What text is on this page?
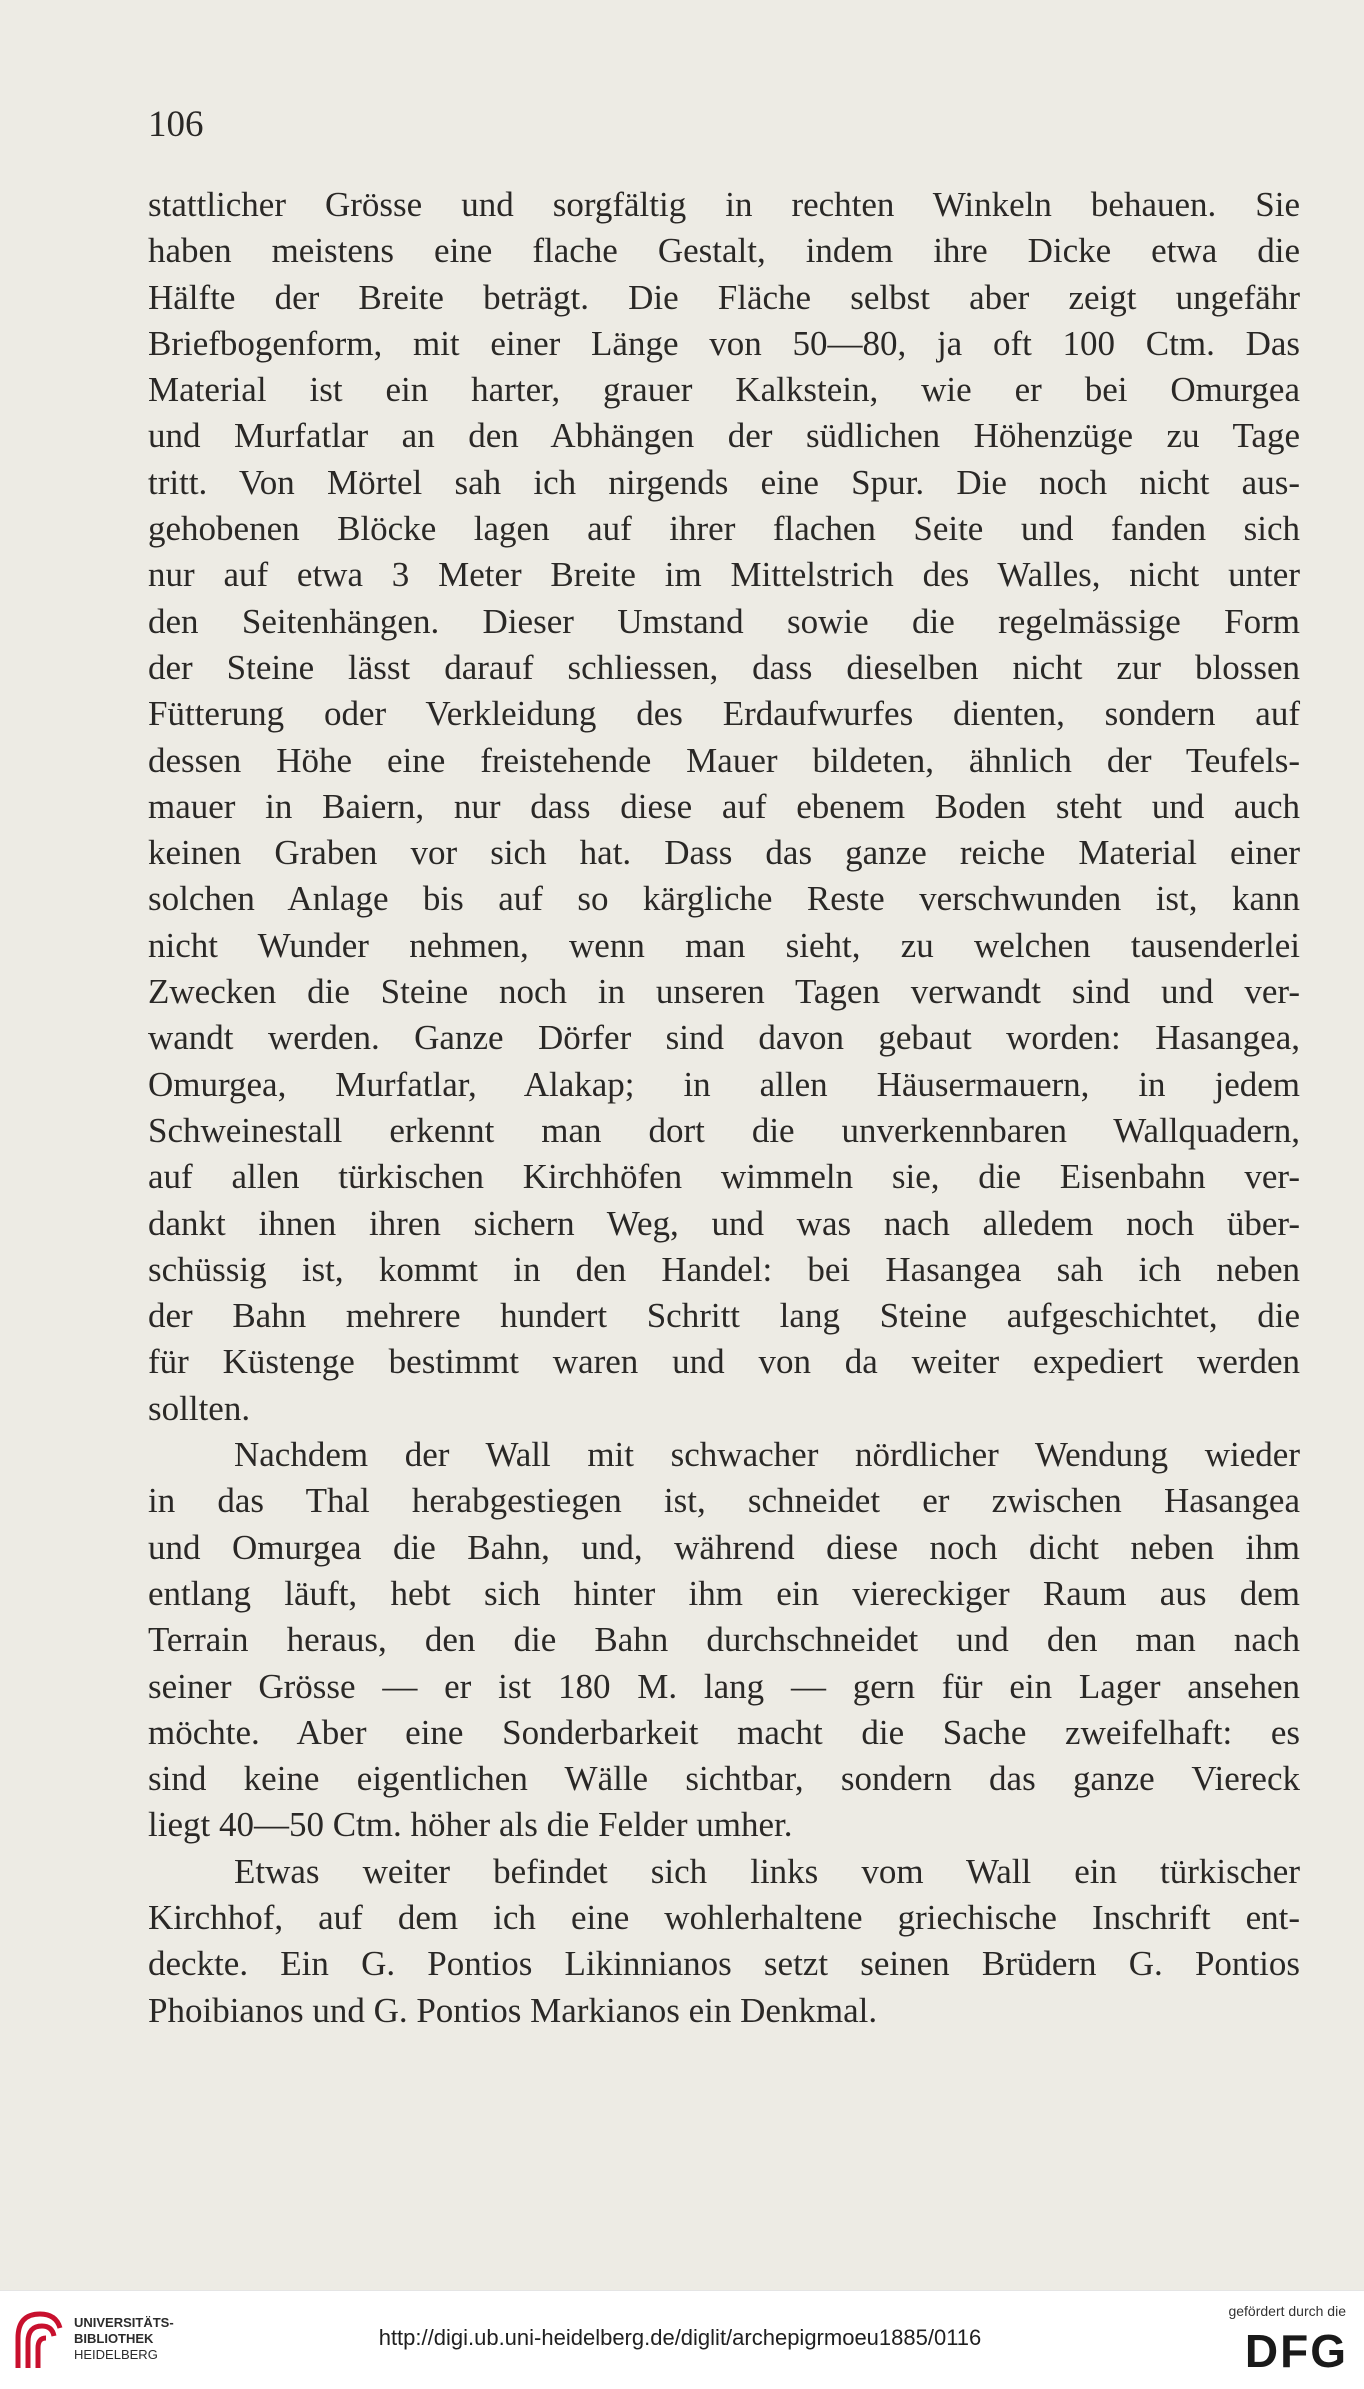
106

stattlicher Grösse und sorgfältig in rechten Winkeln behauen. Sie

haben meistens eine flache Gestalt, indem ihre Dicke etwa die

Hälfte der Breite beträgt. Die Fläche selbst aber zeigt ungefähr

Briefbogenform, mit einer Länge von 50—80, ja oft 100 Ctm. Das

Material ist ein harter, grauer Kalkstein, wie er bei Omurgea

und Murfatlar an den Abhängen der südlichen Höhenzüge zu Tage

tritt. Von Mörtel sah ich nirgends eine Spur. Die noch nicht aus-

gehobenen Blöcke lagen auf ihrer flachen Seite und fanden sich

nur auf etwa 3 Meter Breite im Mittelstrich des Walles, nicht unter

den Seitenhängen. Dieser Umstand sowie die regelmässige Form

der Steine lässt darauf schliessen, dass dieselben nicht zur blossen

Fütterung oder Verkleidung des Erdaufwurfes dienten, sondern auf

dessen Höhe eine freistehende Mauer bildeten, ähnlich der Teufels-

mauer in Baiern, nur dass diese auf ebenem Boden steht und auch

keinen Graben vor sich hat. Dass das ganze reiche Material einer

solchen Anlage bis auf so kärgliche Reste verschwunden ist, kann

nicht Wunder nehmen, wenn man sieht, zu welchen tausenderlei

Zwecken die Steine noch in unseren Tagen verwandt sind und ver-

wandt werden. Ganze Dörfer sind davon gebaut worden: Hasangea,

Omurgea, Murfatlar, Alakap; in allen Häusermauern, in jedem

Schweinestall erkennt man dort die unverkennbaren Wallquadern,

auf allen türkischen Kirchhöfen wimmeln sie, die Eisenbahn ver-

dankt ihnen ihren sichern Weg, und was nach alledem noch über-

schüssig ist, kommt in den Handel: bei Hasangea sah ich neben

der Bahn mehrere hundert Schritt lang Steine aufgeschichtet, die

für Küstenge bestimmt waren und von da weiter expediert werden

sollten.

Nachdem der Wall mit schwacher nördlicher Wendung wieder

in das Thal herabgestiegen ist, schneidet er zwischen Hasangea

und Omurgea die Bahn, und, während diese noch dicht neben ihm

entlang läuft, hebt sich hinter ihm ein viereckiger Raum aus dem

Terrain heraus, den die Bahn durchschneidet und den man nach

seiner Grösse — er ist 180 M. lang — gern für ein Lager ansehen

möchte. Aber eine Sonderbarkeit macht die Sache zweifelhaft: es

sind keine eigentlichen Wälle sichtbar, sondern das ganze Viereck

liegt 40—50 Ctm. höher als die Felder umher.

Etwas weiter befindet sich links vom Wall ein türkischer

Kirchhof, auf dem ich eine wohlerhaltene griechische Inschrift ent-

deckte. Ein G. Pontios Likinnianos setzt seinen Brüdern G. Pontios

Phoibianos und G. Pontios Markianos ein Denkmal.

UNIVERSITÄTS-
BIBLIOTHEK
HEIDELBERG
http://digi.ub.uni-heidelberg.de/diglit/archepigrmoeu1885/0116
gefördert durch die
DFG
